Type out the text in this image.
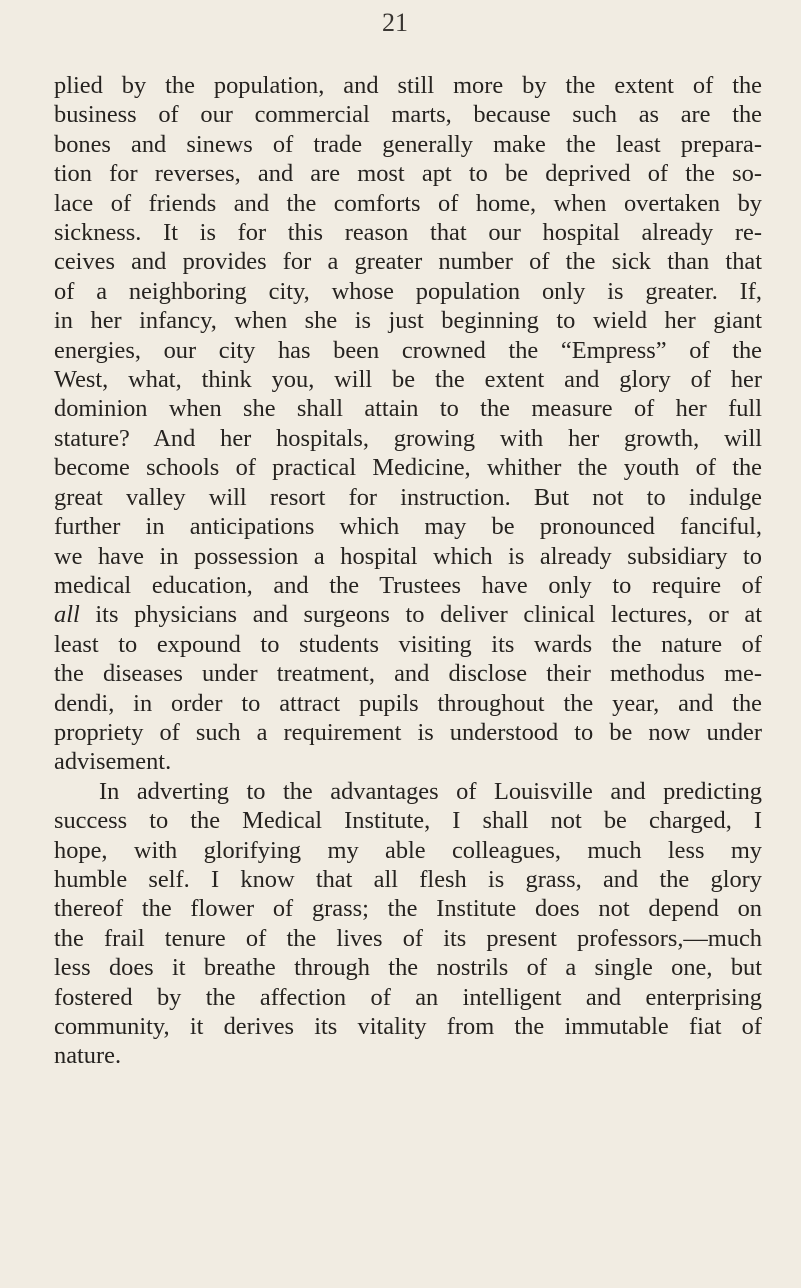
21

plied by the population, and still more by the extent of the
business of our commercial marts, because such as are the
bones and sinews of trade generally make the least prepara-
tion for reverses, and are most apt to be deprived of the so-
lace of friends and the comforts of home, when overtaken by
sickness. It is for this reason that our hospital already re-
ceives and provides for a greater number of the sick than that
of a neighboring city, whose population only is greater. If,
in her infancy, when she is just beginning to wield her giant
energies, our city has been crowned the “Empress” of the
West, what, think you, will be the extent and glory of her
dominion when she shall attain to the measure of her full
stature? And her hospitals, growing with her growth, will
become schools of practical Medicine, whither the youth of the
great valley will resort for instruction. But not to indulge
further in anticipations which may be pronounced fanciful,
we have in possession a hospital which is already subsidiary to
medical education, and the Trustees have only to require of
all its physicians and surgeons to deliver clinical lectures, or at
least to expound to students visiting its wards the nature of
the diseases under treatment, and disclose their methodus me-
dendi, in order to attract pupils throughout the year, and the
propriety of such a requirement is understood to be now under
advisement.

In adverting to the advantages of Louisville and predicting
success to the Medical Institute, I shall not be charged, I
hope, with glorifying my able colleagues, much less my
humble self. I know that all flesh is grass, and the glory
thereof the flower of grass; the Institute does not depend on
the frail tenure of the lives of its present professors,—much
less does it breathe through the nostrils of a single one, but
fostered by the affection of an intelligent and enterprising
community, it derives its vitality from the immutable fiat of
nature.
